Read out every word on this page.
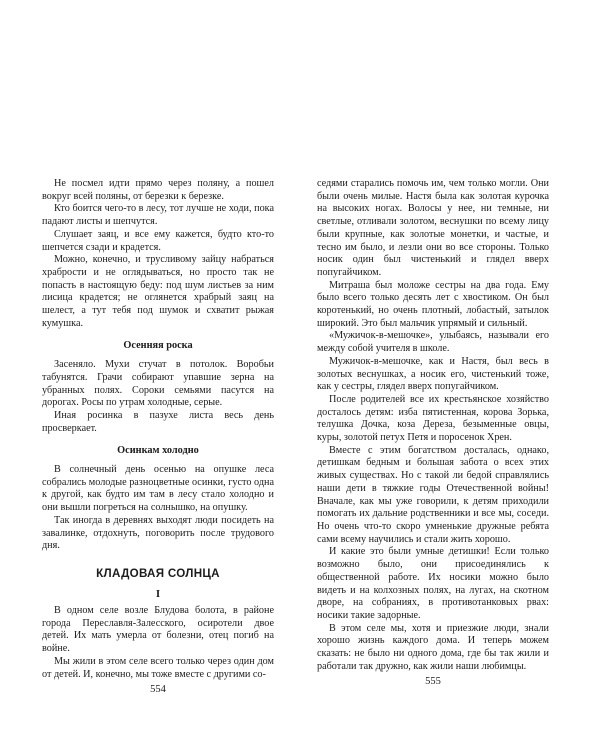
Не посмел идти прямо через поляну, а пошел вокруг всей поляны, от березки к березке.

Кто боится чего-то в лесу, тот лучше не ходи, пока падают листы и шепчутся.

Слушает заяц, и все ему кажется, будто кто-то шепчется сзади и крадется.

Можно, конечно, и трусливому зайцу набраться храбрости и не оглядываться, но просто так не попасть в настоящую беду: под шум листьев за ним лисица крадется; не оглянется храбрый заяц на шелест, а тут тебя под шумок и схватит рыжая кумушка.

Осенняя роска

Засеняло. Мухи стучат в потолок. Воробьи табунятся. Грачи собирают упавшие зерна на убранных полях. Сороки семьями пасутся на дорогах. Росы по утрам холодные, серые.

Иная росинка в пазухе листа весь день просверкает.

Осинкам холодно

В солнечный день осенью на опушке леса собрались молодые разноцветные осинки, густо одна к другой, как будто им там в лесу стало холодно и они вышли погреться на солнышко, на опушку.

Так иногда в деревнях выходят люди посидеть на завалинке, отдохнуть, поговорить после трудового дня.

КЛАДОВАЯ СОЛНЦА
I

В одном селе возле Блудова болота, в районе города Переславля-Залесского, осиротели двое детей. Их мать умерла от болезни, отец погиб на войне.

Мы жили в этом селе всего только через один дом от детей. И, конечно, мы тоже вместе с другими со-

554

седями старались помочь им, чем только могли. Они были очень милые. Настя была как золотая курочка на высоких ногах. Волосы у нее, ни темные, ни светлые, отливали золотом, веснушки по всему лицу были крупные, как золотые монетки, и частые, и тесно им было, и лезли они во все стороны. Только носик один был чистенький и глядел вверх попугайчиком.

Митраша был моложе сестры на два года. Ему было всего только десять лет с хвостиком. Он был коротенький, но очень плотный, лобастый, затылок широкий. Это был мальчик упрямый и сильный.

«Мужичок-в-мешочке», улыбаясь, называли его между собой учителя в школе.

Мужичок-в-мешочке, как и Настя, был весь в золотых веснушках, а носик его, чистенький тоже, как у сестры, глядел вверх попугайчиком.

После родителей все их крестьянское хозяйство досталось детям: изба пятистенная, корова Зорька, телушка Дочка, коза Дереза, безыменные овцы, куры, золотой петух Петя и поросенок Хрен.

Вместе с этим богатством досталась, однако, детишкам бедным и большая забота о всех этих живых существах. Но с такой ли бедой справлялись наши дети в тяжкие годы Отечественной войны! Вначале, как мы уже говорили, к детям приходили помогать их дальние родственники и все мы, соседи. Но очень что-то скоро умненькие дружные ребята сами всему научились и стали жить хорошо.

И какие это были умные детишки! Если только возможно было, они присоединялись к общественной работе. Их носики можно было видеть и на колхозных полях, на лугах, на скотном дворе, на собраниях, в противотанковых рвах: носики такие задорные.

В этом селе мы, хотя и приезжие люди, знали хорошо жизнь каждого дома. И теперь можем сказать: не было ни одного дома, где бы так жили и работали так дружно, как жили наши любимцы.

555
